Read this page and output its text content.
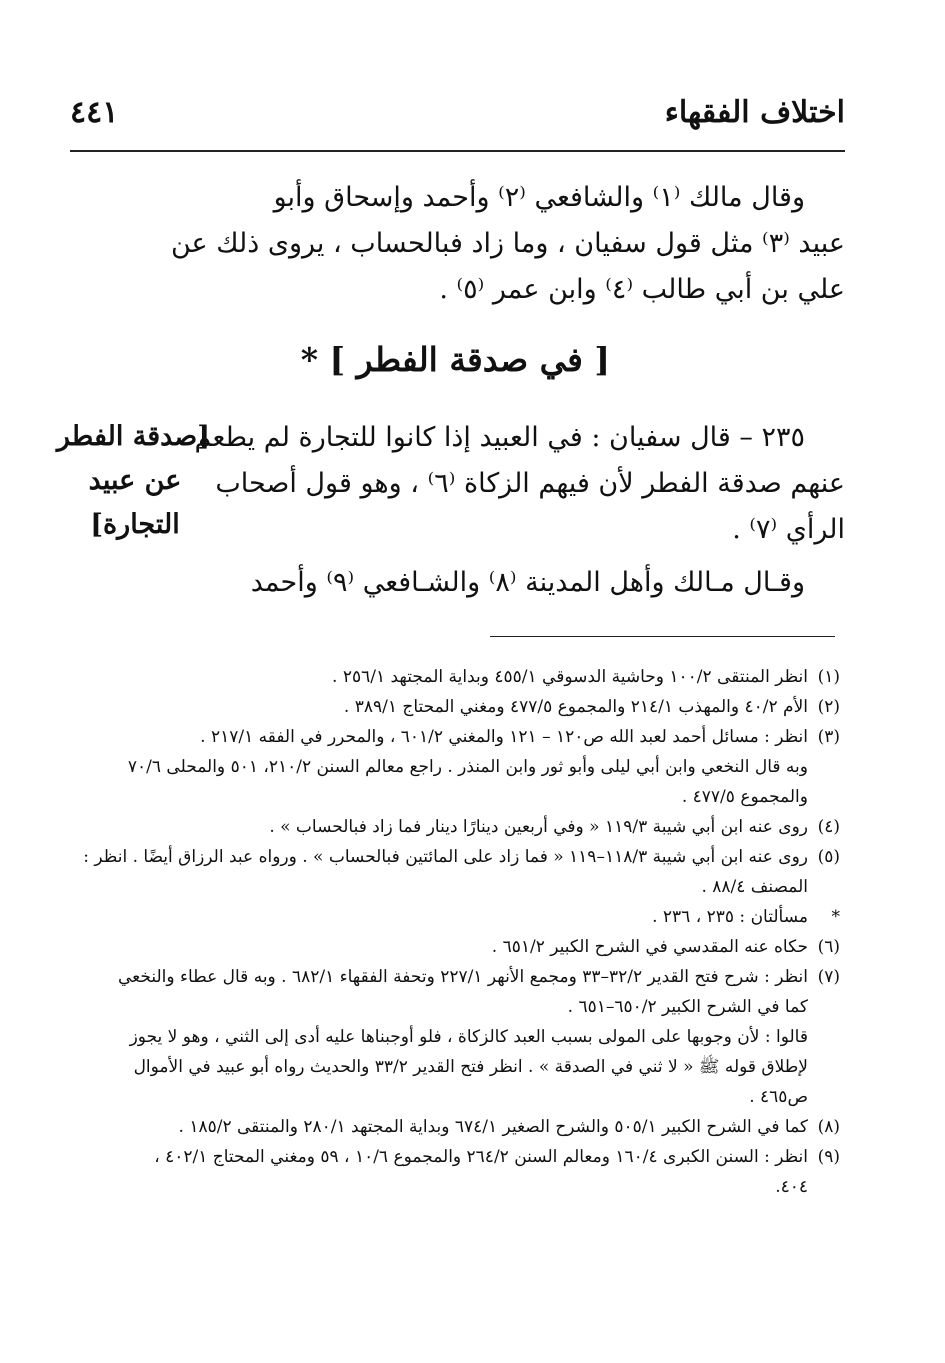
اختلاف الفقهاء
٤٤١
وقال مالك ⁽١⁾ والشافعي ⁽٢⁾ وأحمد وإسحاق وأبو
عبيد ⁽٣⁾ مثل قول سفيان ، وما زاد فبالحساب ، يروى ذلك عن
علي بن أبي طالب ⁽٤⁾ وابن عمر ⁽٥⁾ .
[ في صدقة الفطر ] *
[صدقة الفطر
عن عبيد
التجارة]
٢٣٥ – قال سفيان : في العبيد إذا كانوا للتجارة لم يطعم
عنهم صدقة الفطر لأن فيهم الزكاة ⁽٦⁾ ، وهو قول أصحاب
الرأي ⁽٧⁾ .
وقـال مـالك وأهل المدينة ⁽٨⁾ والشـافعي ⁽٩⁾ وأحمد
(١)
انظر المنتقى ١٠٠/٢ وحاشية الدسوقي ٤٥٥/١ وبداية المجتهد ٢٥٦/١ .
(٢)
الأم ٤٠/٢ والمهذب ٢١٤/١ والمجموع ٤٧٧/٥ ومغني المحتاج ٣٨٩/١ .
(٣)
انظر : مسائل أحمد لعبد الله ص١٢٠ – ١٢١ والمغني ٦٠١/٢ ، والمحرر في الفقه ٢١٧/١ .
وبه قال النخعي وابن أبي ليلى وأبو ثور وابن المنذر . راجع معالم السنن ٢١٠/٢، ٥٠١ والمحلى ٧٠/٦
والمجموع ٤٧٧/٥ .
(٤)
روى عنه ابن أبي شيبة ١١٩/٣ « وفي أربعين دينارًا دينار فما زاد فبالحساب » .
(٥)
روى عنه ابن أبي شيبة ١١٨/٣–١١٩ « فما زاد على المائتين فبالحساب » . ورواه عبد الرزاق أيضًا . انظر :
المصنف ٨٨/٤ .
*
مسألتان : ٢٣٥ ، ٢٣٦ .
(٦)
حكاه عنه المقدسي في الشرح الكبير ٦٥١/٢ .
(٧)
انظر : شرح فتح القدير ٣٢/٢–٣٣ ومجمع الأنهر ٢٢٧/١ وتحفة الفقهاء ٦٨٢/١ . وبه قال عطاء والنخعي
كما في الشرح الكبير ٦٥٠/٢–٦٥١ .
قالوا : لأن وجوبها على المولى بسبب العبد كالزكاة ، فلو أوجبناها عليه أدى إلى الثني ، وهو لا يجوز
لإطلاق قوله ﷺ « لا ثني في الصدقة » . انظر فتح القدير ٣٣/٢ والحديث رواه أبو عبيد في الأموال
ص٤٦٥ .
(٨)
كما في الشرح الكبير ٥٠٥/١ والشرح الصغير ٦٧٤/١ وبداية المجتهد ٢٨٠/١ والمنتقى ١٨٥/٢ .
(٩)
انظر : السنن الكبرى ١٦٠/٤ ومعالم السنن ٢٦٤/٢ والمجموع ١٠/٦ ، ٥٩ ومغني المحتاج ٤٠٢/١ ،
٤٠٤.
